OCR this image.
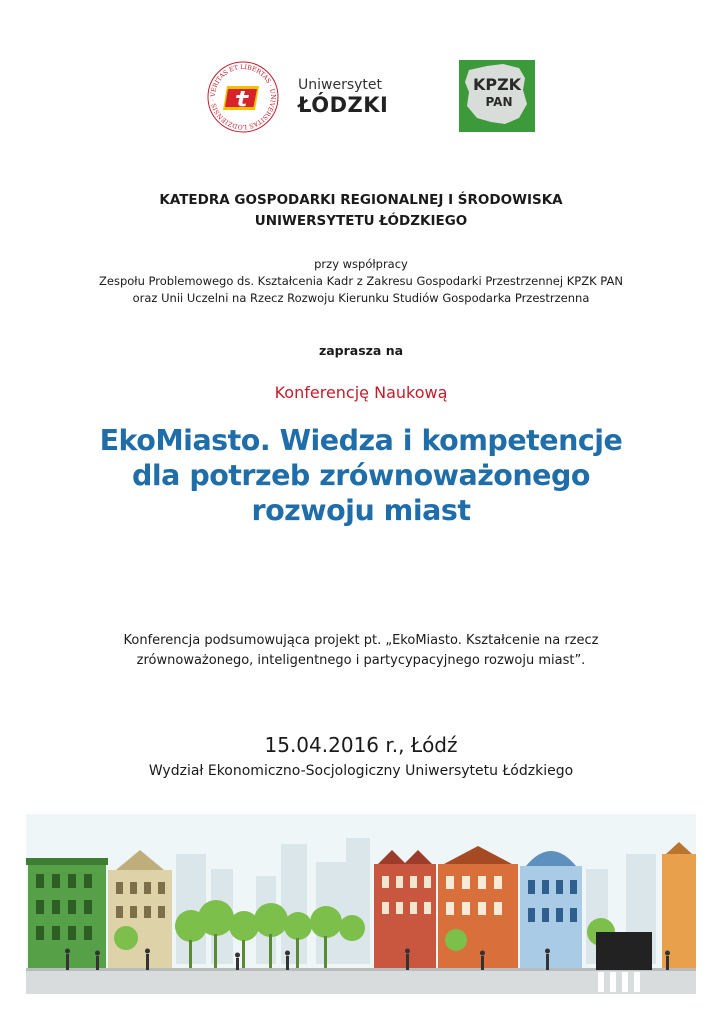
VERITAS ET LIBERTAS · UNIVERSITAS LODZIENSIS ·
Uniwersytet
ŁÓDZKI
KPZK
PAN
KATEDRA GOSPODARKI REGIONALNEJ I ŚRODOWISKA
UNIWERSYTETU ŁÓDZKIEGO
przy współpracy
Zespołu Problemowego ds. Kształcenia Kadr z Zakresu Gospodarki Przestrzennej KPZK PAN
oraz Unii Uczelni na Rzecz Rozwoju Kierunku Studiów Gospodarka Przestrzenna
zaprasza na
Konferencję Naukową
EkoMiasto. Wiedza i kompetencje
dla potrzeb zrównoważonego
rozwoju miast
Konferencja podsumowująca projekt pt. „EkoMiasto. Kształcenie na rzecz
zrównoważonego, inteligentnego i partycypacyjnego rozwoju miast”.
15.04.2016 r., Łódź
Wydział Ekonomiczno-Socjologiczny Uniwersytetu Łódzkiego
